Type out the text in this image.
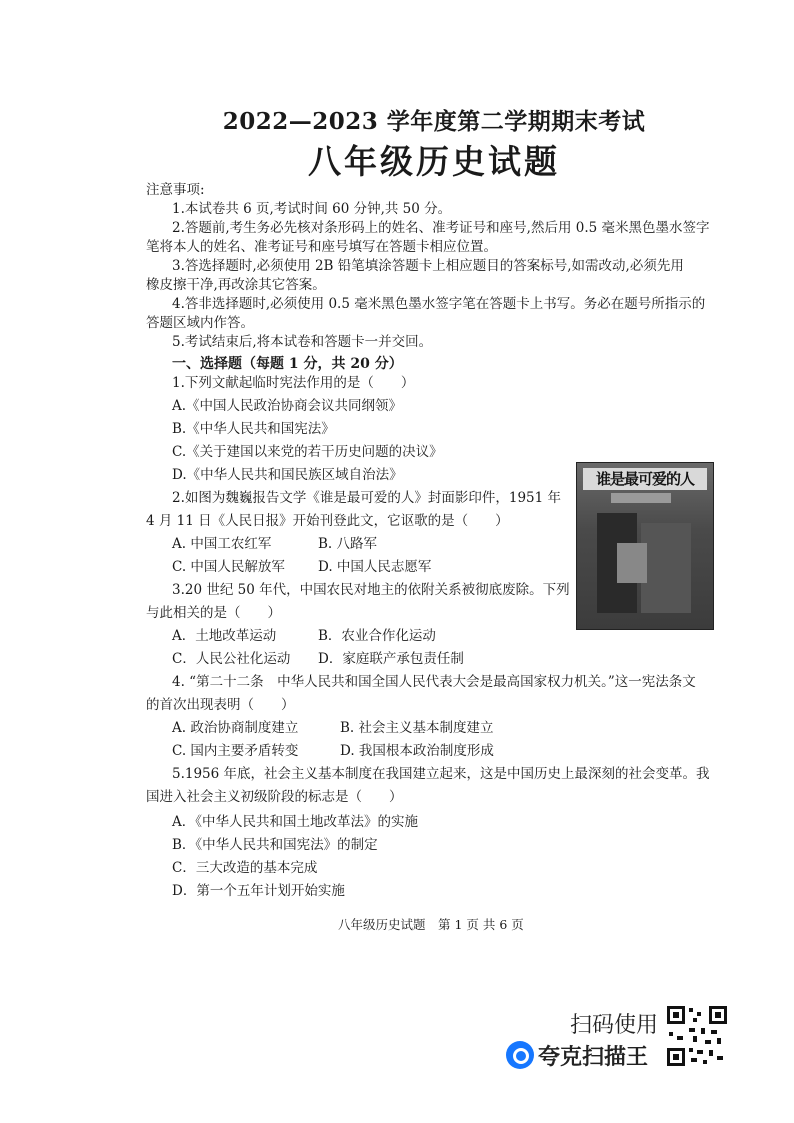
2022—2023 学年度第二学期期末考试
八年级历史试题
注意事项:
1.本试卷共 6 页,考试时间 60 分钟,共 50 分。
2.答题前,考生务必先核对条形码上的姓名、准考证号和座号,然后用 0.5 毫米黑色墨水签字
笔将本人的姓名、准考证号和座号填写在答题卡相应位置。
3.答选择题时,必须使用 2B 铅笔填涂答题卡上相应题目的答案标号,如需改动,必须先用
橡皮擦干净,再改涂其它答案。
4.答非选择题时,必须使用 0.5 毫米黑色墨水签字笔在答题卡上书写。务必在题号所指示的
答题区域内作答。
5.考试结束后,将本试卷和答题卡一并交回。
一、选择题（每题 1 分，共 20 分）
1.下列文献起临时宪法作用的是（　　）
A.《中国人民政治协商会议共同纲领》
B.《中华人民共和国宪法》
C.《关于建国以来党的若干历史问题的决议》
D.《中华人民共和国民族区域自治法》
2.如图为魏巍报告文学《谁是最可爱的人》封面影印件，1951 年
4 月 11 日《人民日报》开始刊登此文，它讴歌的是（　　）
A. 中国工农红军	B. 八路军
C. 中国人民解放军 D. 中国人民志愿军
谁是最可爱的人
3.20 世纪 50 年代，中国农民对地主的依附关系被彻底废除。下列
与此相关的是（　　）
A．土地改革运动	B．农业合作化运动
C．人民公社化运动 D．家庭联产承包责任制
4. “第二十二条　中华人民共和国全国人民代表大会是最高国家权力机关。”这一宪法条文
的首次出现表明（　　）
A. 政治协商制度建立	B. 社会主义基本制度建立
C. 国内主要矛盾转变	D. 我国根本政治制度形成
5.1956 年底，社会主义基本制度在我国建立起来，这是中国历史上最深刻的社会变革。我
国进入社会主义初级阶段的标志是（　　）
A．《中华人民共和国土地改革法》的实施
B．《中华人民共和国宪法》的制定
C．三大改造的基本完成
D．第一个五年计划开始实施
八年级历史试题　第 1 页 共 6 页
扫码使用
夸克扫描王
